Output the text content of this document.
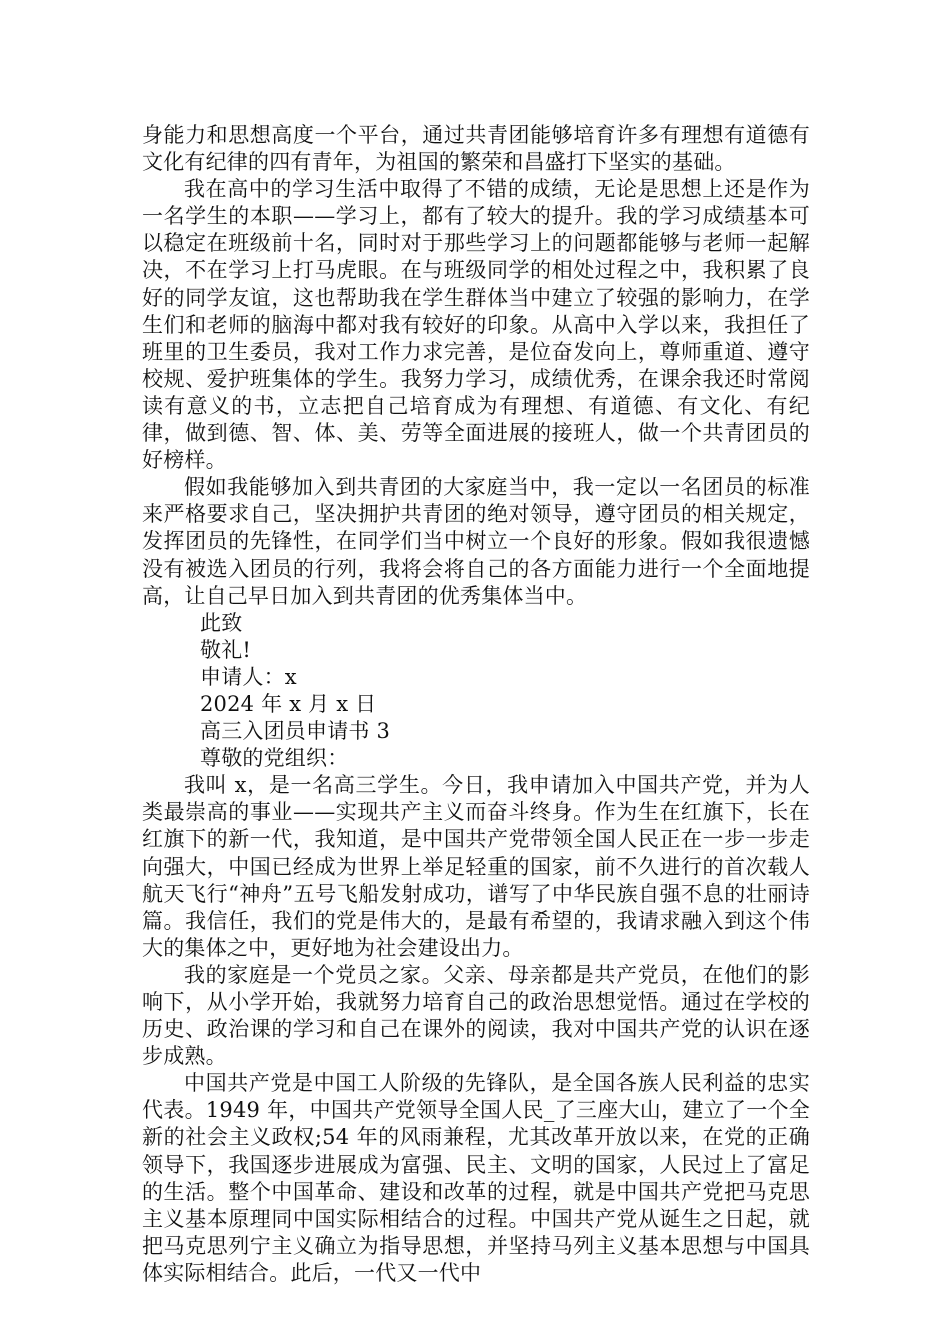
身能力和思想高度一个平台，通过共青团能够培育许多有理想有道德有文化有纪律的四有青年，为祖国的繁荣和昌盛打下坚实的基础。

我在高中的学习生活中取得了不错的成绩，无论是思想上还是作为一名学生的本职——学习上，都有了较大的提升。我的学习成绩基本可以稳定在班级前十名，同时对于那些学习上的问题都能够与老师一起解决，不在学习上打马虎眼。在与班级同学的相处过程之中，我积累了良好的同学友谊，这也帮助我在学生群体当中建立了较强的影响力，在学生们和老师的脑海中都对我有较好的印象。从高中入学以来，我担任了班里的卫生委员，我对工作力求完善，是位奋发向上，尊师重道、遵守校规、爱护班集体的学生。我努力学习，成绩优秀，在课余我还时常阅读有意义的书，立志把自己培育成为有理想、有道德、有文化、有纪律，做到德、智、体、美、劳等全面进展的接班人，做一个共青团员的好榜样。

假如我能够加入到共青团的大家庭当中，我一定以一名团员的标准来严格要求自己，坚决拥护共青团的绝对领导，遵守团员的相关规定，发挥团员的先锋性，在同学们当中树立一个良好的形象。假如我很遗憾没有被选入团员的行列，我将会将自己的各方面能力进行一个全面地提高，让自己早日加入到共青团的优秀集体当中。

此致

敬礼!

申请人：x

2024 年 x 月 x 日

高三入团员申请书 3

尊敬的党组织：

我叫 x，是一名高三学生。今日，我申请加入中国共产党，并为人类最崇高的事业——实现共产主义而奋斗终身。作为生在红旗下，长在红旗下的新一代，我知道，是中国共产党带领全国人民正在一步一步走向强大，中国已经成为世界上举足轻重的国家，前不久进行的首次载人航天飞行“神舟”五号飞船发射成功，谱写了中华民族自强不息的壮丽诗篇。我信任，我们的党是伟大的，是最有希望的，我请求融入到这个伟大的集体之中，更好地为社会建设出力。

我的家庭是一个党员之家。父亲、母亲都是共产党员，在他们的影响下，从小学开始，我就努力培育自己的政治思想觉悟。通过在学校的历史、政治课的学习和自己在课外的阅读，我对中国共产党的认识在逐步成熟。

中国共产党是中国工人阶级的先锋队，是全国各族人民利益的忠实代表。1949 年，中国共产党领导全国人民_了三座大山，建立了一个全新的社会主义政权;54 年的风雨兼程，尤其改革开放以来，在党的正确领导下，我国逐步进展成为富强、民主、文明的国家，人民过上了富足的生活。整个中国革命、建设和改革的过程，就是中国共产党把马克思主义基本原理同中国实际相结合的过程。中国共产党从诞生之日起，就把马克思列宁主义确立为指导思想，并坚持马列主义基本思想与中国具体实际相结合。此后，一代又一代中
